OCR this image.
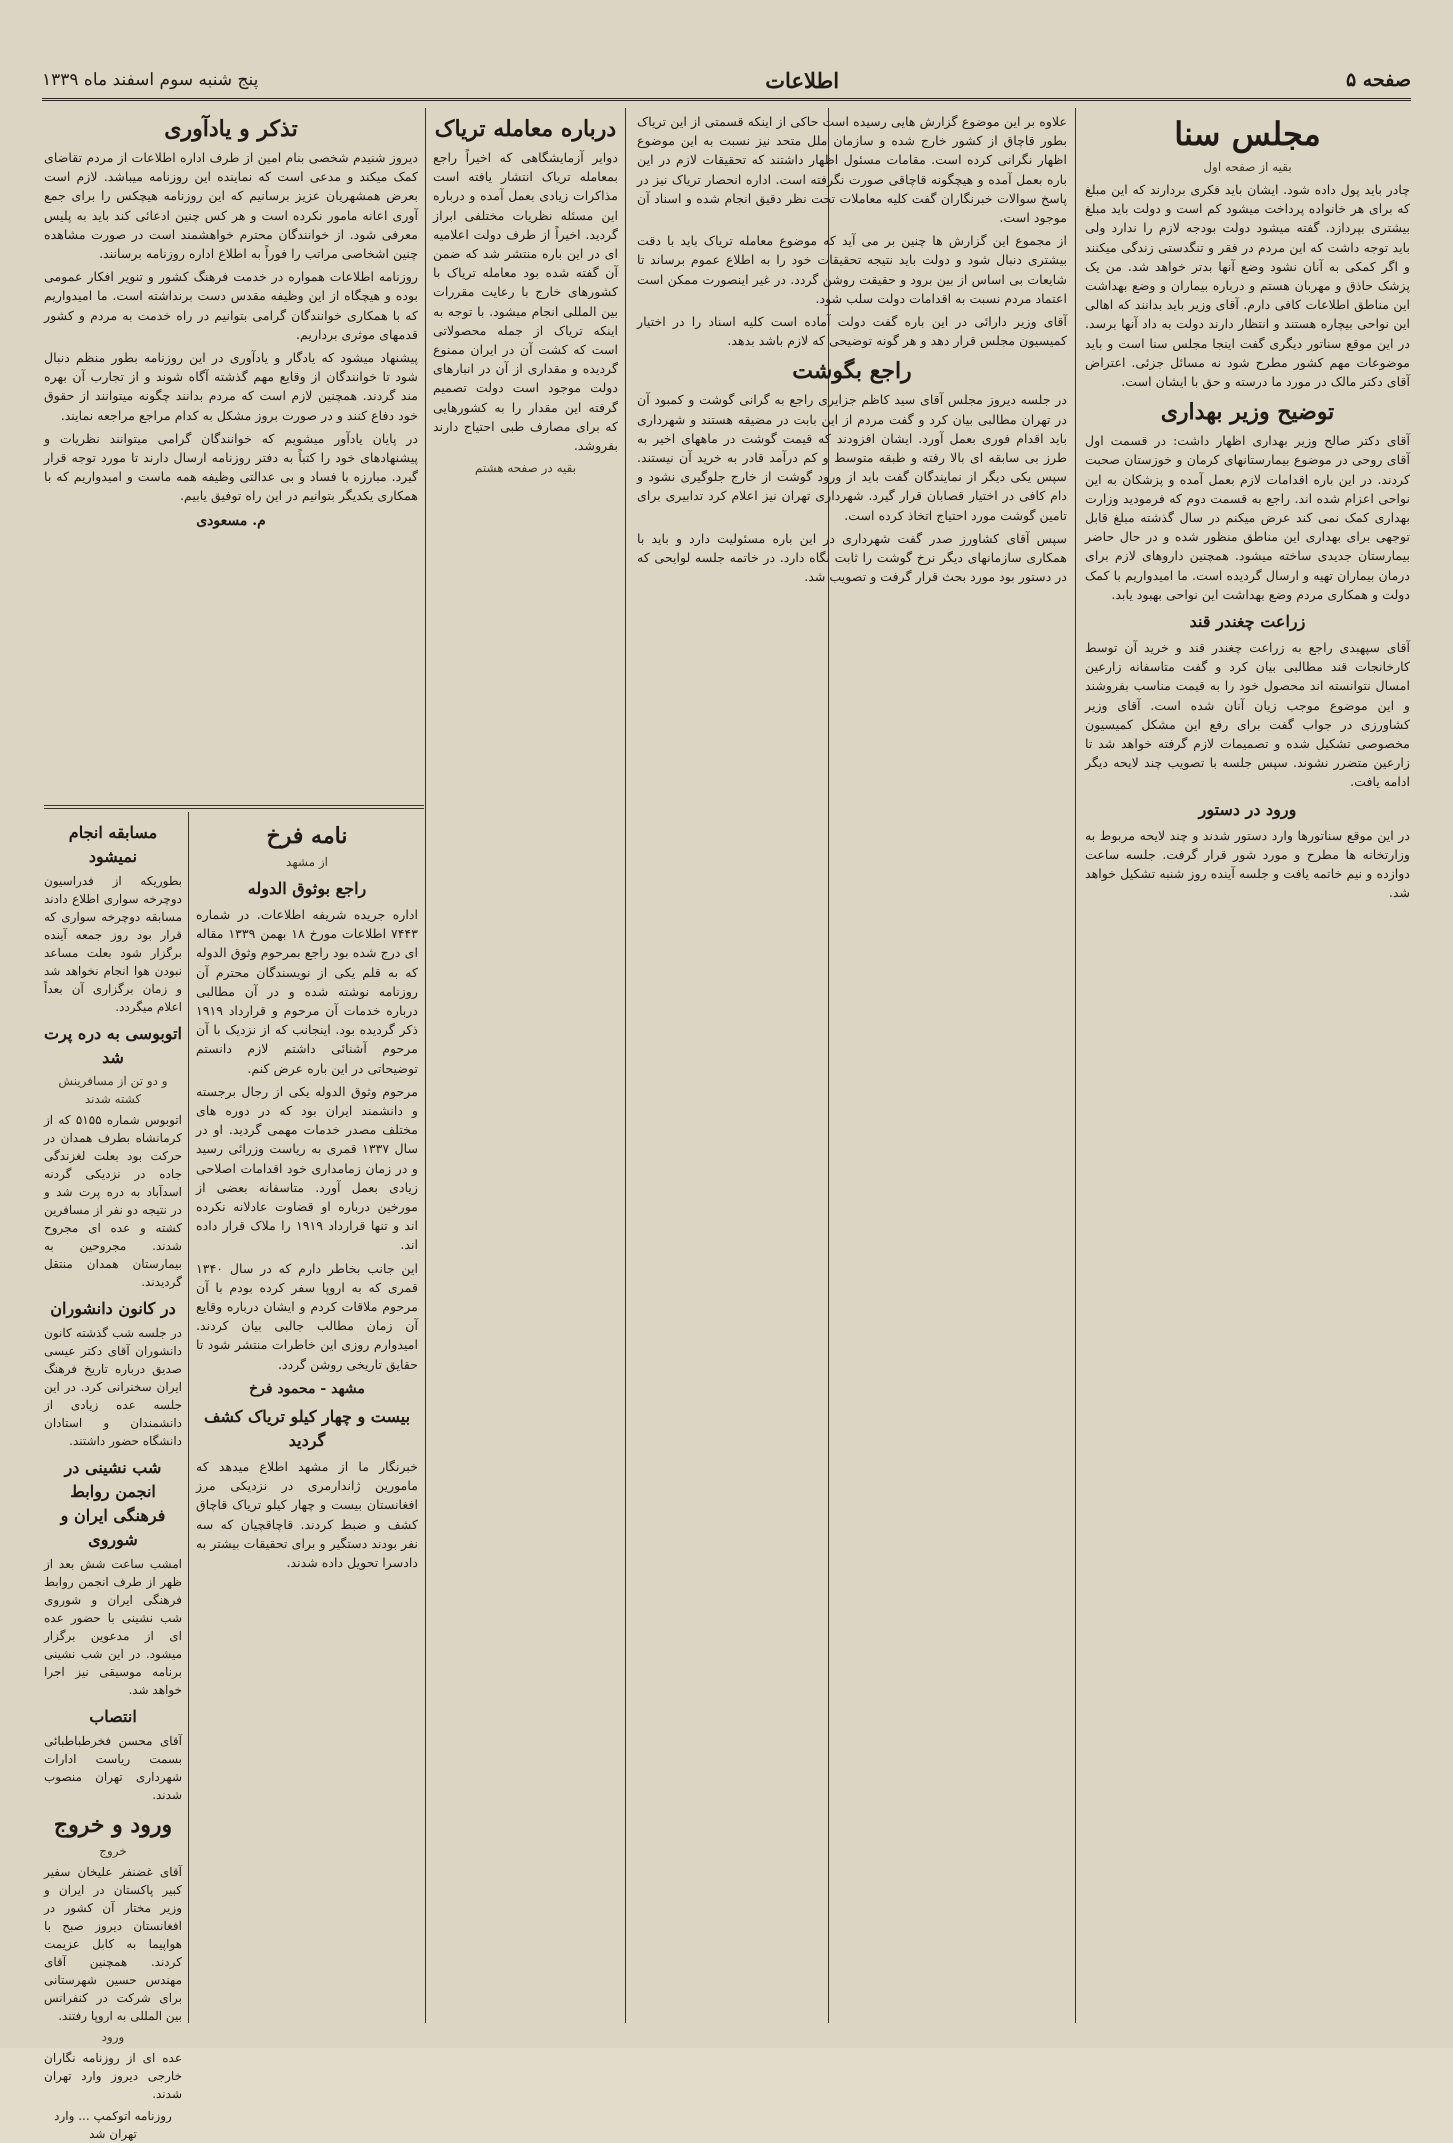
صفحه ۵
اطلاعات
پنج شنبه سوم اسفند ماه ۱۳۳۹
مجلس سنا
بقیه از صفحه اول

چادر باید پول داده شود. ایشان باید فکری بردارند که این مبلغ که برای هر خانواده پرداخت میشود کم است و دولت باید مبلغ بیشتری بپردازد. گفته میشود دولت بودجه لازم را ندارد ولی باید توجه داشت که این مردم در فقر و تنگدستی زندگی میکنند و اگر کمکی به آنان نشود وضع آنها بدتر خواهد شد. من یک پزشک حاذق و مهربان هستم و درباره بیماران و وضع بهداشت این مناطق اطلاعات کافی دارم. آقای وزیر باید بدانند که اهالی این نواحی بیچاره هستند و انتظار دارند دولت به داد آنها برسد. در این موقع سناتور دیگری گفت اینجا مجلس سنا است و باید موضوعات مهم کشور مطرح شود نه مسائل جزئی. اعتراض آقای دکتر مالک در مورد ما درسته و حق با ایشان است.

توضیح وزیر بهداری

آقای دکتر صالح وزیر بهداری اظهار داشت: در قسمت اول آقای روحی در موضوع بیمارستانهای کرمان و خوزستان صحبت کردند. در این باره اقدامات لازم بعمل آمده و پزشکان به این نواحی اعزام شده اند. راجع به قسمت دوم که فرمودید وزارت بهداری کمک نمی کند عرض میکنم در سال گذشته مبلغ قابل توجهی برای بهداری این مناطق منظور شده و در حال حاضر بیمارستان جدیدی ساخته میشود. همچنین داروهای لازم برای درمان بیماران تهیه و ارسال گردیده است. ما امیدواریم با کمک دولت و همکاری مردم وضع بهداشت این نواحی بهبود یابد.

زراعت چغندر قند

آقای سپهبدی راجع به زراعت چغندر قند و خرید آن توسط کارخانجات قند مطالبی بیان کرد و گفت متاسفانه زارعین امسال نتوانسته اند محصول خود را به قیمت مناسب بفروشند و این موضوع موجب زیان آنان شده است. آقای وزیر کشاورزی در جواب گفت برای رفع این مشکل کمیسیون مخصوصی تشکیل شده و تصمیمات لازم گرفته خواهد شد تا زارعین متضرر نشوند. سپس جلسه با تصویب چند لایحه دیگر ادامه یافت.

ورود در دستور

در این موقع سناتورها وارد دستور شدند و چند لایحه مربوط به وزارتخانه ها مطرح و مورد شور قرار گرفت. جلسه ساعت دوازده و نیم خاتمه یافت و جلسه آینده روز شنبه تشکیل خواهد شد.

علاوه بر این موضوع گزارش هایی رسیده است حاکی از اینکه قسمتی از این تریاک بطور قاچاق از کشور خارج شده و سازمان ملل متحد نیز نسبت به این موضوع اظهار نگرانی کرده است. مقامات مسئول اظهار داشتند که تحقیقات لازم در این باره بعمل آمده و هیچگونه قاچاقی صورت نگرفته است. اداره انحصار تریاک نیز در پاسخ سوالات خبرنگاران گفت کلیه معاملات تحت نظر دقیق انجام شده و اسناد آن موجود است.

از مجموع این گزارش ها چنین بر می آید که موضوع معامله تریاک باید با دقت بیشتری دنبال شود و دولت باید نتیجه تحقیقات خود را به اطلاع عموم برساند تا شایعات بی اساس از بین برود و حقیقت روشن گردد. در غیر اینصورت ممکن است اعتماد مردم نسبت به اقدامات دولت سلب شود.

آقای وزیر دارائی در این باره گفت دولت آماده است کلیه اسناد را در اختیار کمیسیون مجلس قرار دهد و هر گونه توضیحی که لازم باشد بدهد.

راجع بگوشت

در جلسه دیروز مجلس آقای سید کاظم جزایری راجع به گرانی گوشت و کمبود آن در تهران مطالبی بیان کرد و گفت مردم از این بابت در مضیقه هستند و شهرداری باید اقدام فوری بعمل آورد. ایشان افزودند که قیمت گوشت در ماههای اخیر به طرز بی سابقه ای بالا رفته و طبقه متوسط و کم درآمد قادر به خرید آن نیستند. سپس یکی دیگر از نمایندگان گفت باید از ورود گوشت از خارج جلوگیری نشود و دام کافی در اختیار قصابان قرار گیرد. شهرداری تهران نیز اعلام کرد تدابیری برای تامین گوشت مورد احتیاج اتخاذ کرده است.

سپس آقای کشاورز صدر گفت شهرداری در این باره مسئولیت دارد و باید با همکاری سازمانهای دیگر نرخ گوشت را ثابت نگاه دارد. در خاتمه جلسه لوایحی که در دستور بود مورد بحث قرار گرفت و تصویب شد.

درباره معامله تریاک

دوایر آزمایشگاهی که اخیراً راجع بمعامله تریاک انتشار یافته است مذاکرات زیادی بعمل آمده و درباره این مسئله نظریات مختلفی ابراز گردید. اخیراً از طرف دولت اعلامیه ای در این باره منتشر شد که ضمن آن گفته شده بود معامله تریاک با کشورهای خارج با رعایت مقررات بین المللی انجام میشود. با توجه به اینکه تریاک از جمله محصولاتی است که کشت آن در ایران ممنوع گردیده و مقداری از آن در انبارهای دولت موجود است دولت تصمیم گرفته این مقدار را به کشورهایی که برای مصارف طبی احتیاج دارند بفروشد.

بقیه در صفحه هشتم
تذکر و یادآوری

دیروز شنیدم شخصی بنام امین از طرف اداره اطلاعات از مردم تقاضای کمک میکند و مدعی است که نماینده این روزنامه میباشد. لازم است بعرض همشهریان عزیز برسانیم که این روزنامه هیچکس را برای جمع آوری اعانه مامور نکرده است و هر کس چنین ادعائی کند باید به پلیس معرفی شود. از خوانندگان محترم خواهشمند است در صورت مشاهده چنین اشخاصی مراتب را فوراً به اطلاع اداره روزنامه برسانند.

روزنامه اطلاعات همواره در خدمت فرهنگ کشور و تنویر افکار عمومی بوده و هیچگاه از این وظیفه مقدس دست برنداشته است. ما امیدواریم که با همکاری خوانندگان گرامی بتوانیم در راه خدمت به مردم و کشور قدمهای موثری برداریم.

پیشنهاد میشود که یادگار و یادآوری در این روزنامه بطور منظم دنبال شود تا خوانندگان از وقایع مهم گذشته آگاه شوند و از تجارب آن بهره مند گردند. همچنین لازم است که مردم بدانند چگونه میتوانند از حقوق خود دفاع کنند و در صورت بروز مشکل به کدام مراجع مراجعه نمایند.

در پایان یادآور میشویم که خوانندگان گرامی میتوانند نظریات و پیشنهادهای خود را کتباً به دفتر روزنامه ارسال دارند تا مورد توجه قرار گیرد. مبارزه با فساد و بی عدالتی وظیفه همه ماست و امیدواریم که با همکاری یکدیگر بتوانیم در این راه توفیق یابیم.

م. مسعودی
نامه فرخ
از مشهد
راجع بوثوق الدوله

اداره جریده شریفه اطلاعات. در شماره ۷۴۴۳ اطلاعات مورخ ۱۸ بهمن ۱۳۳۹ مقاله ای درج شده بود راجع بمرحوم وثوق الدوله که به قلم یکی از نویسندگان محترم آن روزنامه نوشته شده و در آن مطالبی درباره خدمات آن مرحوم و قرارداد ۱۹۱۹ ذکر گردیده بود. اینجانب که از نزدیک با آن مرحوم آشنائی داشتم لازم دانستم توضیحاتی در این باره عرض کنم.

مرحوم وثوق الدوله یکی از رجال برجسته و دانشمند ایران بود که در دوره های مختلف مصدر خدمات مهمی گردید. او در سال ۱۳۳۷ قمری به ریاست وزرائی رسید و در زمان زمامداری خود اقدامات اصلاحی زیادی بعمل آورد. متاسفانه بعضی از مورخین درباره او قضاوت عادلانه نکرده اند و تنها قرارداد ۱۹۱۹ را ملاک قرار داده اند.

این جانب بخاطر دارم که در سال ۱۳۴۰ قمری که به اروپا سفر کرده بودم با آن مرحوم ملاقات کردم و ایشان درباره وقایع آن زمان مطالب جالبی بیان کردند. امیدوارم روزی این خاطرات منتشر شود تا حقایق تاریخی روشن گردد.

مشهد - محمود فرخ
بیست و چهار کیلو تریاک کشف گردید

خبرنگار ما از مشهد اطلاع میدهد که مامورین ژاندارمری در نزدیکی مرز افغانستان بیست و چهار کیلو تریاک قاچاق کشف و ضبط کردند. قاچاقچیان که سه نفر بودند دستگیر و برای تحقیقات بیشتر به دادسرا تحویل داده شدند.

مسابقه انجام نمیشود

بطوریکه از فدراسیون دوچرخه سواری اطلاع دادند مسابقه دوچرخه سواری که قرار بود روز جمعه آینده برگزار شود بعلت مساعد نبودن هوا انجام نخواهد شد و زمان برگزاری آن بعداً اعلام میگردد.

اتوبوسی به دره پرت شد
و دو تن از مسافرینش کشته شدند

اتوبوس شماره ۵۱۵۵ که از کرمانشاه بطرف همدان در حرکت بود بعلت لغزندگی جاده در نزدیکی گردنه اسدآباد به دره پرت شد و در نتیجه دو نفر از مسافرین کشته و عده ای مجروح شدند. مجروحین به بیمارستان همدان منتقل گردیدند.

در کانون دانشوران

در جلسه شب گذشته کانون دانشوران آقای دکتر عیسی صدیق درباره تاریخ فرهنگ ایران سخنرانی کرد. در این جلسه عده زیادی از دانشمندان و استادان دانشگاه حضور داشتند.

شب نشینی در انجمن روابط فرهنگی ایران و شوروی

امشب ساعت شش بعد از ظهر از طرف انجمن روابط فرهنگی ایران و شوروی شب نشینی با حضور عده ای از مدعوین برگزار میشود. در این شب نشینی برنامه موسیقی نیز اجرا خواهد شد.

انتصاب

آقای محسن فخرطباطبائی بسمت ریاست ادارات شهرداری تهران منصوب شدند.

ورود و خروج
خروج

آقای غضنفر علیخان سفیر کبیر پاکستان در ایران و وزیر مختار آن کشور در افغانستان دیروز صبح با هواپیما به کابل عزیمت کردند. همچنین آقای مهندس حسین شهرستانی برای شرکت در کنفرانس بین المللی به اروپا رفتند.

ورود

عده ای از روزنامه نگاران خارجی دیروز وارد تهران شدند.

روزنامه اتوکمپ ... وارد تهران شد
